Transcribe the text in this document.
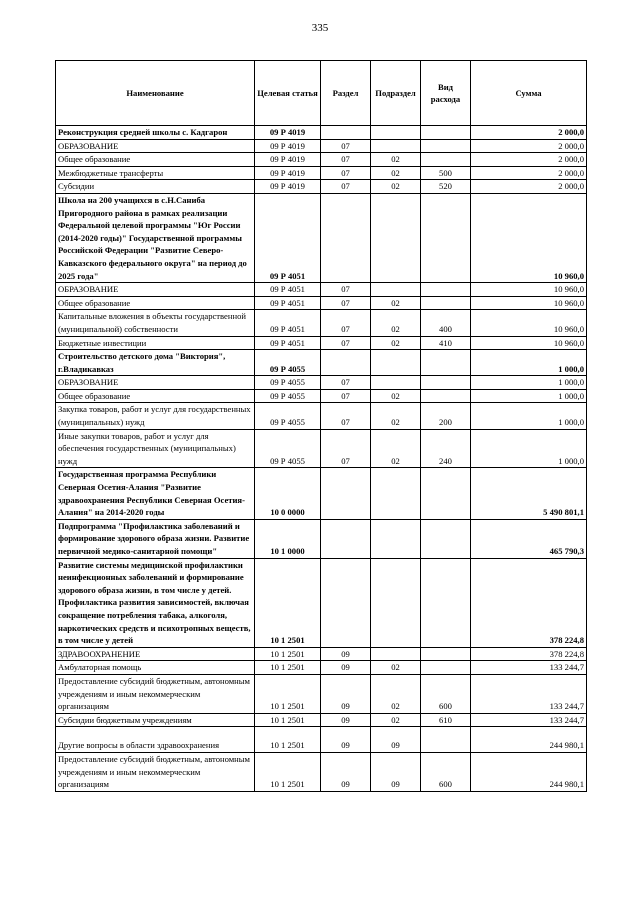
335
Наименование	Целевая статья	Раздел	Подраздел	Вид расхода	Сумма
Реконструкция средней школы с. Кадгарон	09 Р 4019				2 000,0
ОБРАЗОВАНИЕ	09 Р 4019	07			2 000,0
Общее образование	09 Р 4019	07	02		2 000,0
Межбюджетные трансферты	09 Р 4019	07	02	500	2 000,0
Субсидии	09 Р 4019	07	02	520	2 000,0
Школа на 200 учащихся в с.Н.Саниба Пригородного района в рамках реализации Федеральной целевой программы "Юг России (2014-2020 годы)" Государственной программы Российской Федерации "Развитие Северо-Кавказского федерального округа" на период до 2025 года"	09 Р 4051				10 960,0
ОБРАЗОВАНИЕ	09 Р 4051	07			10 960,0
Общее образование	09 Р 4051	07	02		10 960,0
Капитальные вложения в объекты государственной (муниципальной) собственности	09 Р 4051	07	02	400	10 960,0
Бюджетные инвестиции	09 Р 4051	07	02	410	10 960,0
Строительство детского дома "Виктория", г.Владикавказ	09 Р 4055				1 000,0
ОБРАЗОВАНИЕ	09 Р 4055	07			1 000,0
Общее образование	09 Р 4055	07	02		1 000,0
Закупка товаров, работ и услуг для государственных (муниципальных) нужд	09 Р 4055	07	02	200	1 000,0
Иные закупки товаров, работ и услуг для обеспечения государственных (муниципальных) нужд	09 Р 4055	07	02	240	1 000,0
Государственная программа Республики Северная Осетия-Алания "Развитие здравоохранения Республики Северная Осетия-Алания" на 2014-2020 годы	10 0 0000				5 490 801,1
Подпрограмма "Профилактика заболеваний и формирование здорового образа жизни. Развитие первичной медико-санитарной помощи"	10 1 0000				465 790,3
Развитие системы медицинской профилактики неинфекционных заболеваний и формирование здорового образа жизни, в том числе у детей. Профилактика развития зависимостей, включая сокращение потребления табака, алкоголя, наркотических средств и психотропных веществ, в том числе у детей	10 1 2501				378 224,8
ЗДРАВООХРАНЕНИЕ	10 1 2501	09			378 224,8
Амбулаторная помощь	10 1 2501	09	02		133 244,7
Предоставление субсидий бюджетным, автономным учреждениям и иным некоммерческим организациям	10 1 2501	09	02	600	133 244,7
Субсидии бюджетным учреждениям	10 1 2501	09	02	610	133 244,7
Другие вопросы в области здравоохранения	10 1 2501	09	09		244 980,1
Предоставление субсидий бюджетным, автономным учреждениям и иным некоммерческим организациям	10 1 2501	09	09	600	244 980,1
